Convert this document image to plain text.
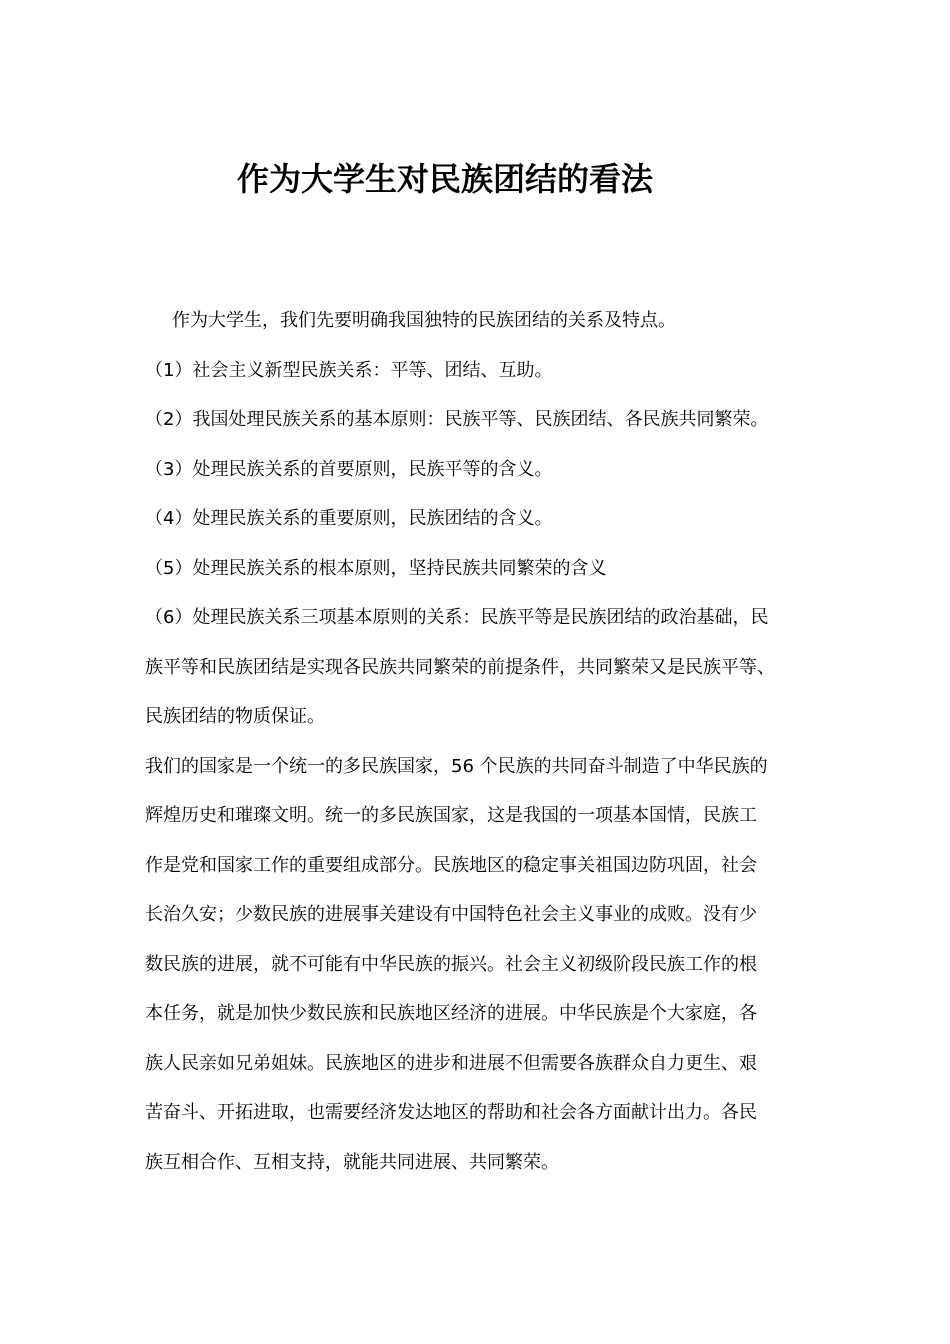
作为大学生对民族团结的看法

作为大学生，我们先要明确我国独特的民族团结的关系及特点。

（1）社会主义新型民族关系：平等、团结、互助。

（2）我国处理民族关系的基本原则：民族平等、民族团结、各民族共同繁荣。

（3）处理民族关系的首要原则，民族平等的含义。

（4）处理民族关系的重要原则，民族团结的含义。

（5）处理民族关系的根本原则，坚持民族共同繁荣的含义

（6）处理民族关系三项基本原则的关系：民族平等是民族团结的政治基础，民
族平等和民族团结是实现各民族共同繁荣的前提条件，共同繁荣又是民族平等、
民族团结的物质保证。

我们的国家是一个统一的多民族国家，56 个民族的共同奋斗制造了中华民族的
辉煌历史和璀璨文明。统一的多民族国家，这是我国的一项基本国情，民族工
作是党和国家工作的重要组成部分。民族地区的稳定事关祖国边防巩固，社会
长治久安；少数民族的进展事关建设有中国特色社会主义事业的成败。没有少
数民族的进展，就不可能有中华民族的振兴。社会主义初级阶段民族工作的根
本任务，就是加快少数民族和民族地区经济的进展。中华民族是个大家庭，各
族人民亲如兄弟姐妹。民族地区的进步和进展不但需要各族群众自力更生、艰
苦奋斗、开拓进取，也需要经济发达地区的帮助和社会各方面献计出力。各民
族互相合作、互相支持，就能共同进展、共同繁荣。
